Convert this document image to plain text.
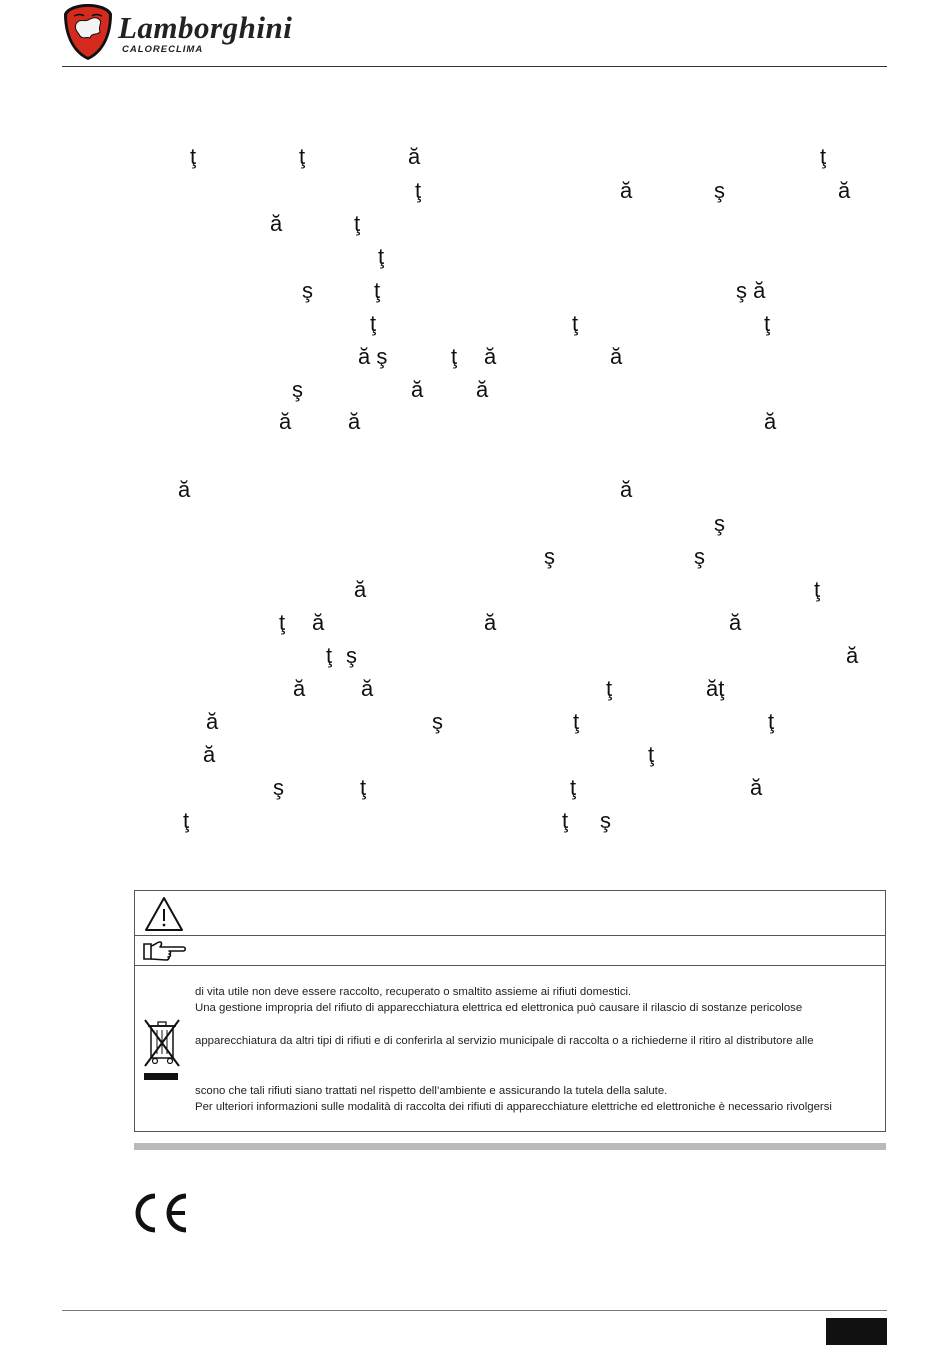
Lamborghini
CALORECLIMA
ţ	ţ	ă	ţ
ţ	ă	ş	ă
ă	ţ
ţ
ş	ţ	ş ă
ţ	ţ	ţ
ă ş	ţ ă	ă
ş	ă ă
ă	ă	ă
ă	ă
ş
ş	ş
ă	ţ
ţ ă	ă	ă
ţ ş	ă
ă	ă	ţ	ăţ
ă	ş	ţ	ţ
ă	ţ
ş	ţ	ţ	ă
ţ	ţ ş
di vita utile non deve essere raccolto, recuperato o smaltito assieme ai rifiuti domestici.
Una gestione impropria del rifiuto di apparecchiatura elettrica ed elettronica può causare il rilascio di sostanze pericolose
apparecchiatura da altri tipi di rifiuti e di conferirla al servizio municipale di raccolta o a richiederne il ritiro al distributore alle
scono che tali rifiuti siano trattati nel rispetto dell’ambiente e assicurando la tutela della salute.
Per ulteriori informazioni sulle modalità di raccolta dei rifiuti di apparecchiature elettriche ed elettroniche è necessario rivolgersi
